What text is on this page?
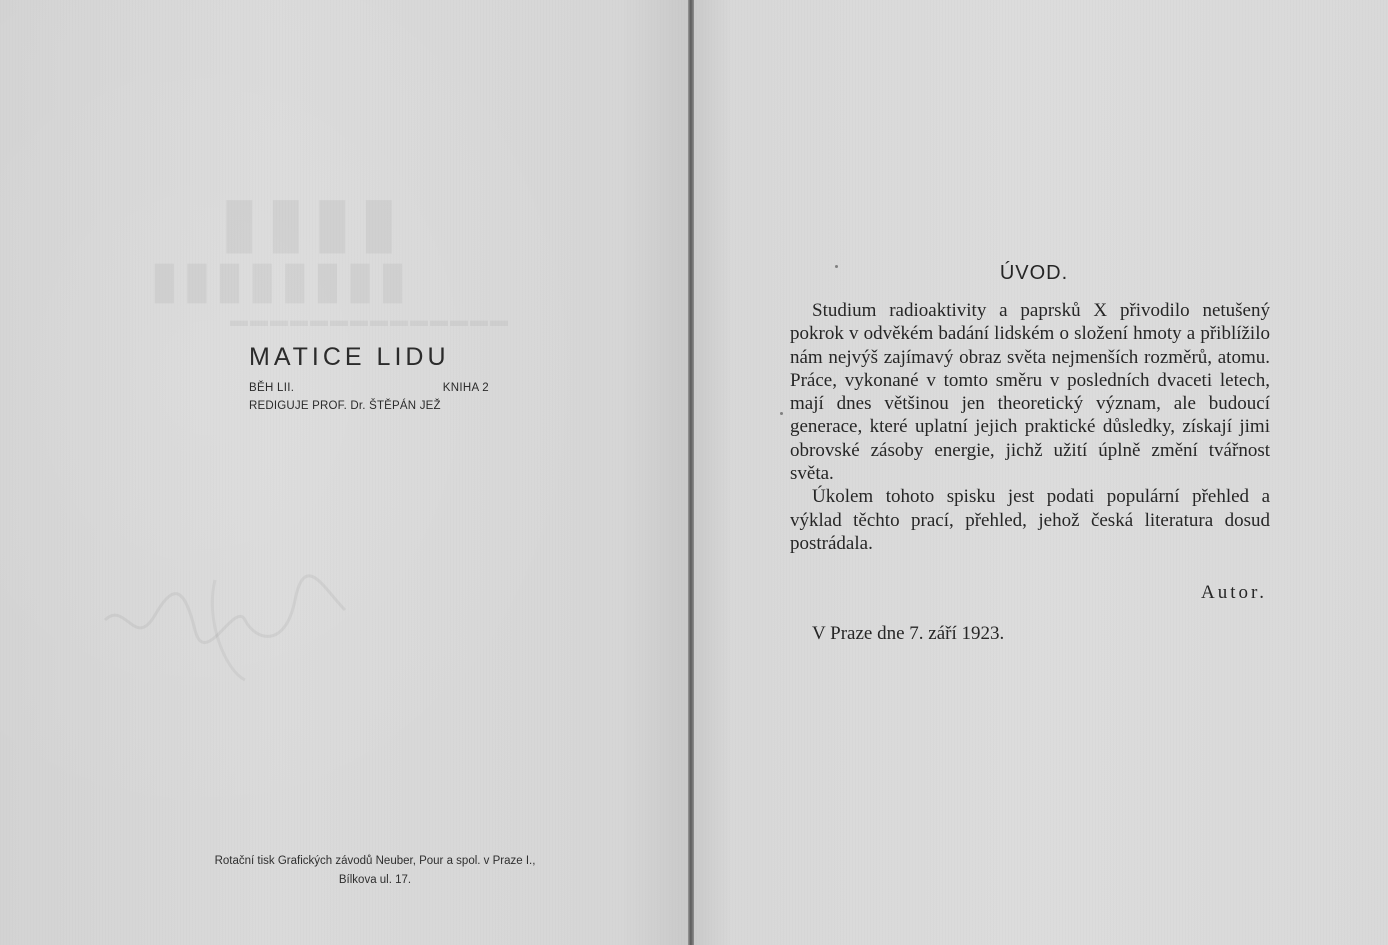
▮▮▮▮
▮▮▮▮▮▮▮▮
▬▬▬▬▬▬▬▬▬▬▬▬▬▬
MATICE LIDU
BĚH LII.	KNIHA 2
REDIGUJE PROF. Dr. ŠTĚPÁN JEŽ
Rotační tisk Grafických závodů Neuber, Pour a spol. v Praze I.,
Bílkova ul. 17.
ÚVOD.

Studium radioaktivity a paprsků X přivodilo netušený pokrok v odvěkém badání lidském o složení hmoty a přiblížilo nám nejvýš zajímavý obraz světa nejmenších rozměrů, atomu. Práce, vykonané v tomto směru v posledních dvaceti letech, mají dnes většinou jen theoretický význam, ale budoucí generace, které uplatní jejich praktické důsledky, získají jimi obrovské zásoby energie, jichž užití úplně změní tvářnost světa.

Úkolem tohoto spisku jest podati populární přehled a výklad těchto prací, přehled, jehož česká literatura dosud postrádala.

Autor.
V Praze dne 7. září 1923.
